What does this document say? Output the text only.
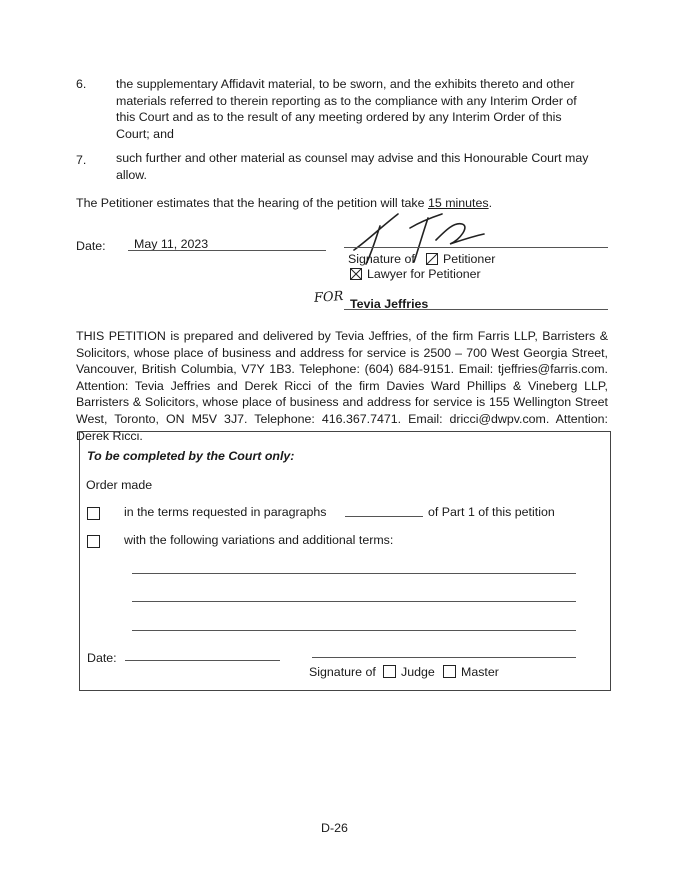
6. the supplementary Affidavit material, to be sworn, and the exhibits thereto and other materials referred to therein reporting as to the compliance with any Interim Order of this Court and as to the result of any meeting ordered by any Interim Order of this Court; and
7. such further and other material as counsel may advise and this Honourable Court may allow.
The Petitioner estimates that the hearing of the petition will take 15 minutes.
Date: May 11, 2023
Signature of Petitioner
Lawyer for Petitioner
FOR Tevia Jeffries
THIS PETITION is prepared and delivered by Tevia Jeffries, of the firm Farris LLP, Barristers & Solicitors, whose place of business and address for service is 2500 – 700 West Georgia Street, Vancouver, British Columbia, V7Y 1B3. Telephone: (604) 684-9151. Email: tjeffries@farris.com. Attention: Tevia Jeffries and Derek Ricci of the firm Davies Ward Phillips & Vineberg LLP, Barristers & Solicitors, whose place of business and address for service is 155 Wellington Street West, Toronto, ON M5V 3J7. Telephone: 416.367.7471. Email: dricci@dwpv.com. Attention: Derek Ricci.
To be completed by the Court only:
Order made
in the terms requested in paragraphs	of Part 1 of this petition
with the following variations and additional terms:
Date:
Signature of Judge Master
D-26
